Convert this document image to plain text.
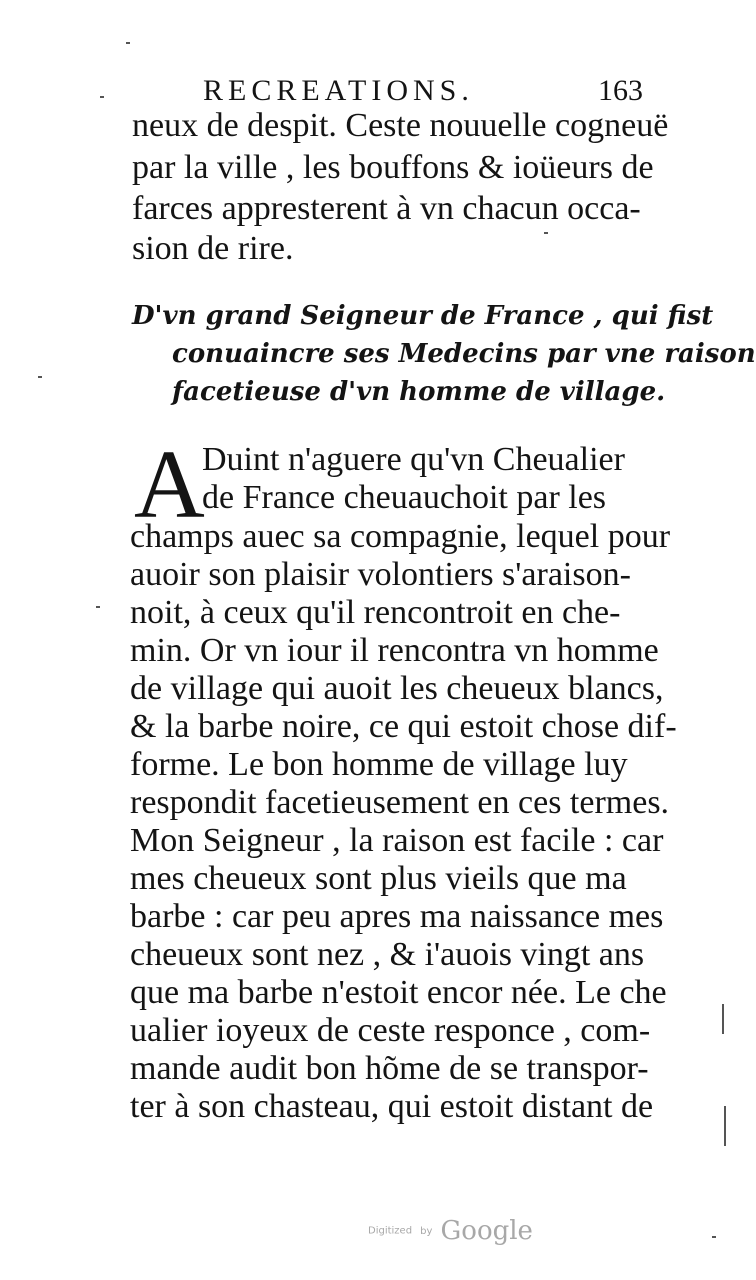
RECREATIONS.	163
neux de despit. Ceste nouuelle cogneuë
par la ville , les bouffons & ioüeurs de
farces appresterent à vn chacun occa-
sion de rire.
D'vn grand Seigneur de France , qui fist
conuaincre ses Medecins par vne raison
facetieuse d'vn homme de village.
A
Duint n'aguere qu'vn Cheualier
de France cheuauchoit par les
champs auec sa compagnie, lequel pour
auoir son plaisir volontiers s'araison-
noit, à ceux qu'il rencontroit en che-
min. Or vn iour il rencontra vn homme
de village qui auoit les cheueux blancs,
& la barbe noire, ce qui estoit chose dif-
forme. Le bon homme de village luy
respondit facetieusement en ces termes.
Mon Seigneur , la raison est facile : car
mes cheueux sont plus vieils que ma
barbe : car peu apres ma naissance mes
cheueux sont nez , & i'auois vingt ans
que ma barbe n'estoit encor née. Le che
ualier ioyeux de ceste responce , com-
mande audit bon hõme de se transpor-
ter à son chasteau, qui estoit distant de
Digitized by Google
